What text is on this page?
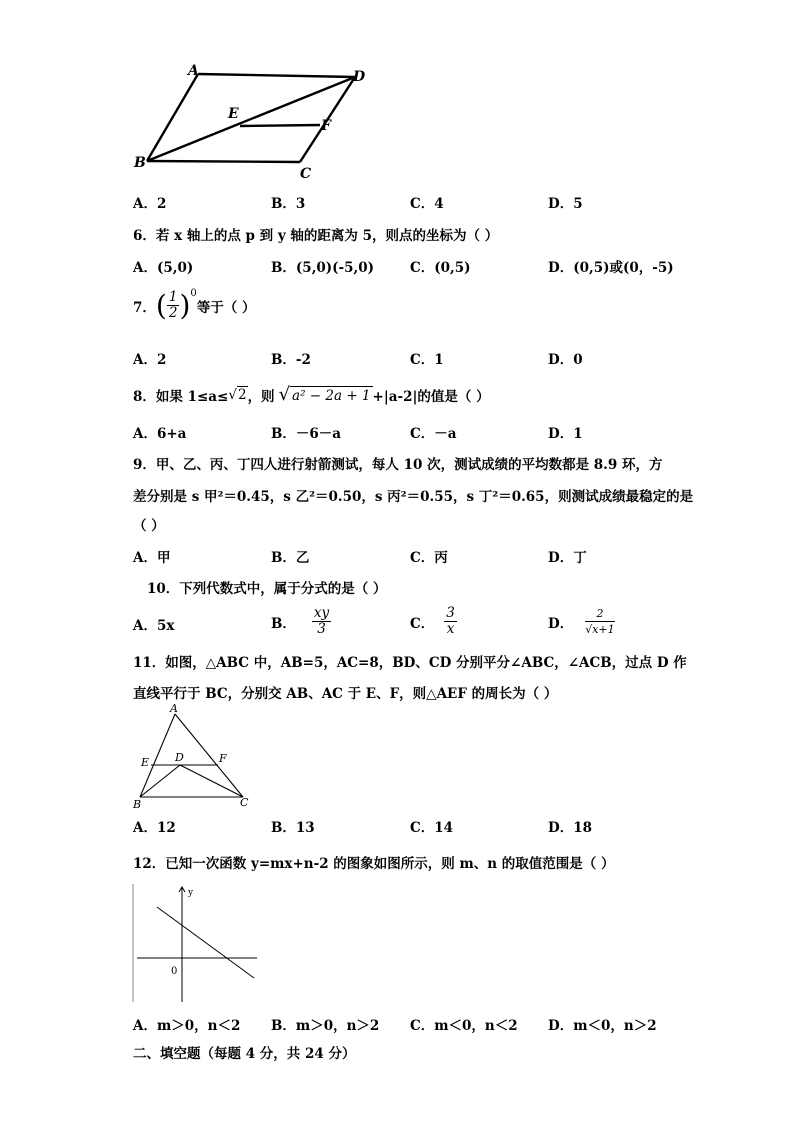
A	D
E
F
B
C
A．2	B．3	C．4	D．5
6．若 x 轴上的点 p 到 y 轴的距离为 5，则点的坐标为（ ）
A．(5,0)	B．(5,0)(-5,0)	C．(0,5)	D．(0,5)或(0，-5)
7． ( $\frac{1}{2}$ ) 0
等于（ ）
A．2	B．-2	C．1	D．0
8．如果 1≤a≤ √ 2 ，则 √ a² − 2a + 1 +|a-2|的值是（ ）
A．6+a	B．－6－a	C．－a	D．1
9．甲、乙、丙、丁四人进行射箭测试，每人 10 次，测试成绩的平均数都是 8.9 环，方
差分别是 s 甲²＝0.45，s 乙²＝0.50，s 丙²＝0.55，s 丁²＝0.65，则测试成绩最稳定的是
（ ）
A．甲	B．乙	C．丙	D．丁
10．下列代数式中，属于分式的是（ ）
A．5x	B． $\frac{xy}{3}$	C． $\frac{3}{x}$	D． $\frac{2}{√x+1}$
11．如图，△ABC 中，AB=5，AC=8，BD、CD 分别平分∠ABC，∠ACB，过点 D 作
直线平行于 BC，分别交 AB、AC 于 E、F，则△AEF 的周长为（ ）
A
E D	F
B	C
A．12	B．13	C．14	D．18
12．已知一次函数 y=mx+n-2 的图象如图所示，则 m、n 的取值范围是（ ）
y
0
A．m＞0，n＜2 B．m＞0，n＞2 C．m＜0，n＜2 D．m＜0，n＞2
二、填空题（每题 4 分，共 24 分）
